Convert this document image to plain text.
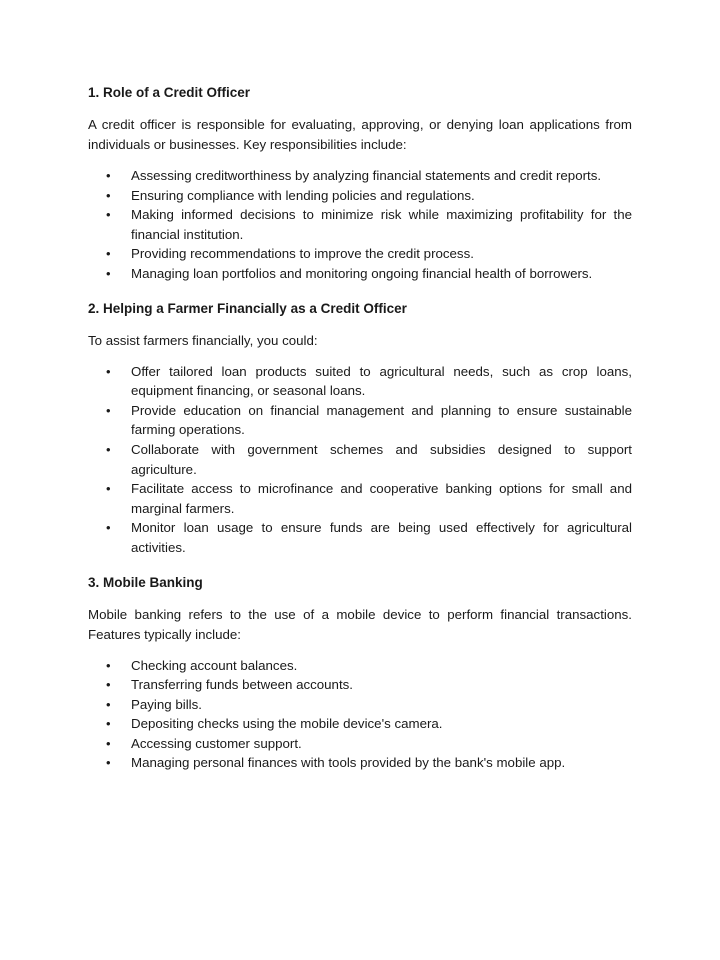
1. Role of a Credit Officer
A credit officer is responsible for evaluating, approving, or denying loan applications from individuals or businesses. Key responsibilities include:
• Assessing creditworthiness by analyzing financial statements and credit reports.
• Ensuring compliance with lending policies and regulations.
• Making informed decisions to minimize risk while maximizing profitability for the financial institution.
• Providing recommendations to improve the credit process.
• Managing loan portfolios and monitoring ongoing financial health of borrowers.
2. Helping a Farmer Financially as a Credit Officer
To assist farmers financially, you could:
• Offer tailored loan products suited to agricultural needs, such as crop loans, equipment financing, or seasonal loans.
• Provide education on financial management and planning to ensure sustainable farming operations.
• Collaborate with government schemes and subsidies designed to support agriculture.
• Facilitate access to microfinance and cooperative banking options for small and marginal farmers.
• Monitor loan usage to ensure funds are being used effectively for agricultural activities.
3. Mobile Banking
Mobile banking refers to the use of a mobile device to perform financial transactions. Features typically include:
• Checking account balances.
• Transferring funds between accounts.
• Paying bills.
• Depositing checks using the mobile device's camera.
• Accessing customer support.
• Managing personal finances with tools provided by the bank's mobile app.
